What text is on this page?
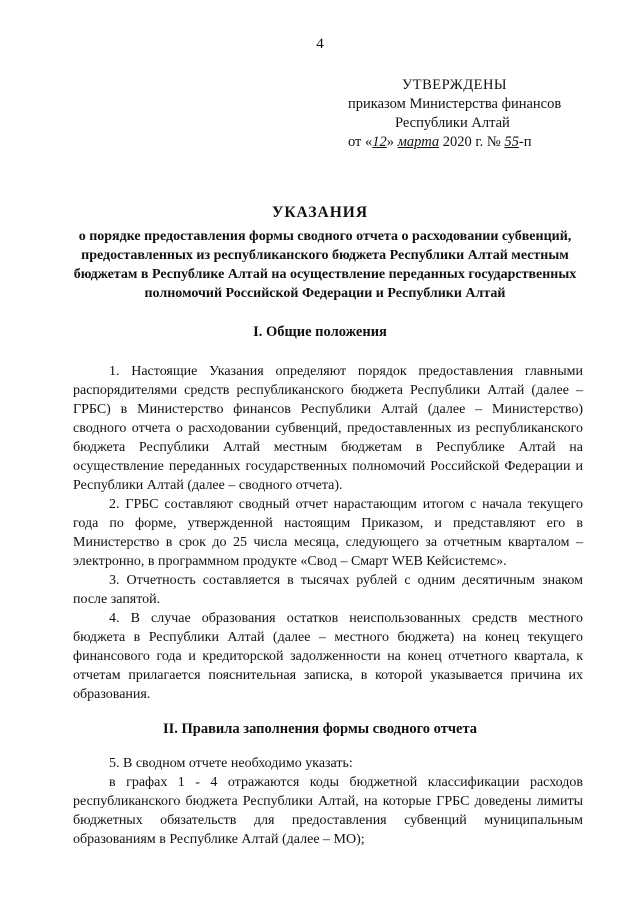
4
УТВЕРЖДЕНЫ
приказом Министерства финансов
Республики Алтай
от «12» марта 2020 г. № 55-п
УКАЗАНИЯ
о порядке предоставления формы сводного отчета о расходовании субвенций, предоставленных из республиканского бюджета Республики Алтай местным бюджетам в Республике Алтай на осуществление переданных государственных полномочий Российской Федерации и Республики Алтай
I. Общие положения

1. Настоящие Указания определяют порядок предоставления главными распорядителями средств республиканского бюджета Республики Алтай (далее – ГРБС) в Министерство финансов Республики Алтай (далее – Министерство) сводного отчета о расходовании субвенций, предоставленных из республиканского бюджета Республики Алтай местным бюджетам в Республике Алтай на осуществление переданных государственных полномочий Российской Федерации и Республики Алтай (далее – сводного отчета).

2. ГРБС составляют сводный отчет нарастающим итогом с начала текущего года по форме, утвержденной настоящим Приказом, и представляют его в Министерство в срок до 25 числа месяца, следующего за отчетным кварталом – электронно, в программном продукте «Свод – Смарт WEB Кейсистемс».

3. Отчетность составляется в тысячах рублей с одним десятичным знаком после запятой.

4. В случае образования остатков неиспользованных средств местного бюджета в Республики Алтай (далее – местного бюджета) на конец текущего финансового года и кредиторской задолженности на конец отчетного квартала, к отчетам прилагается пояснительная записка, в которой указывается причина их образования.

II. Правила заполнения формы сводного отчета

5. В сводном отчете необходимо указать:

в графах 1 - 4 отражаются коды бюджетной классификации расходов республиканского бюджета Республики Алтай, на которые ГРБС доведены лимиты бюджетных обязательств для предоставления субвенций муниципальным образованиям в Республике Алтай (далее – МО);
